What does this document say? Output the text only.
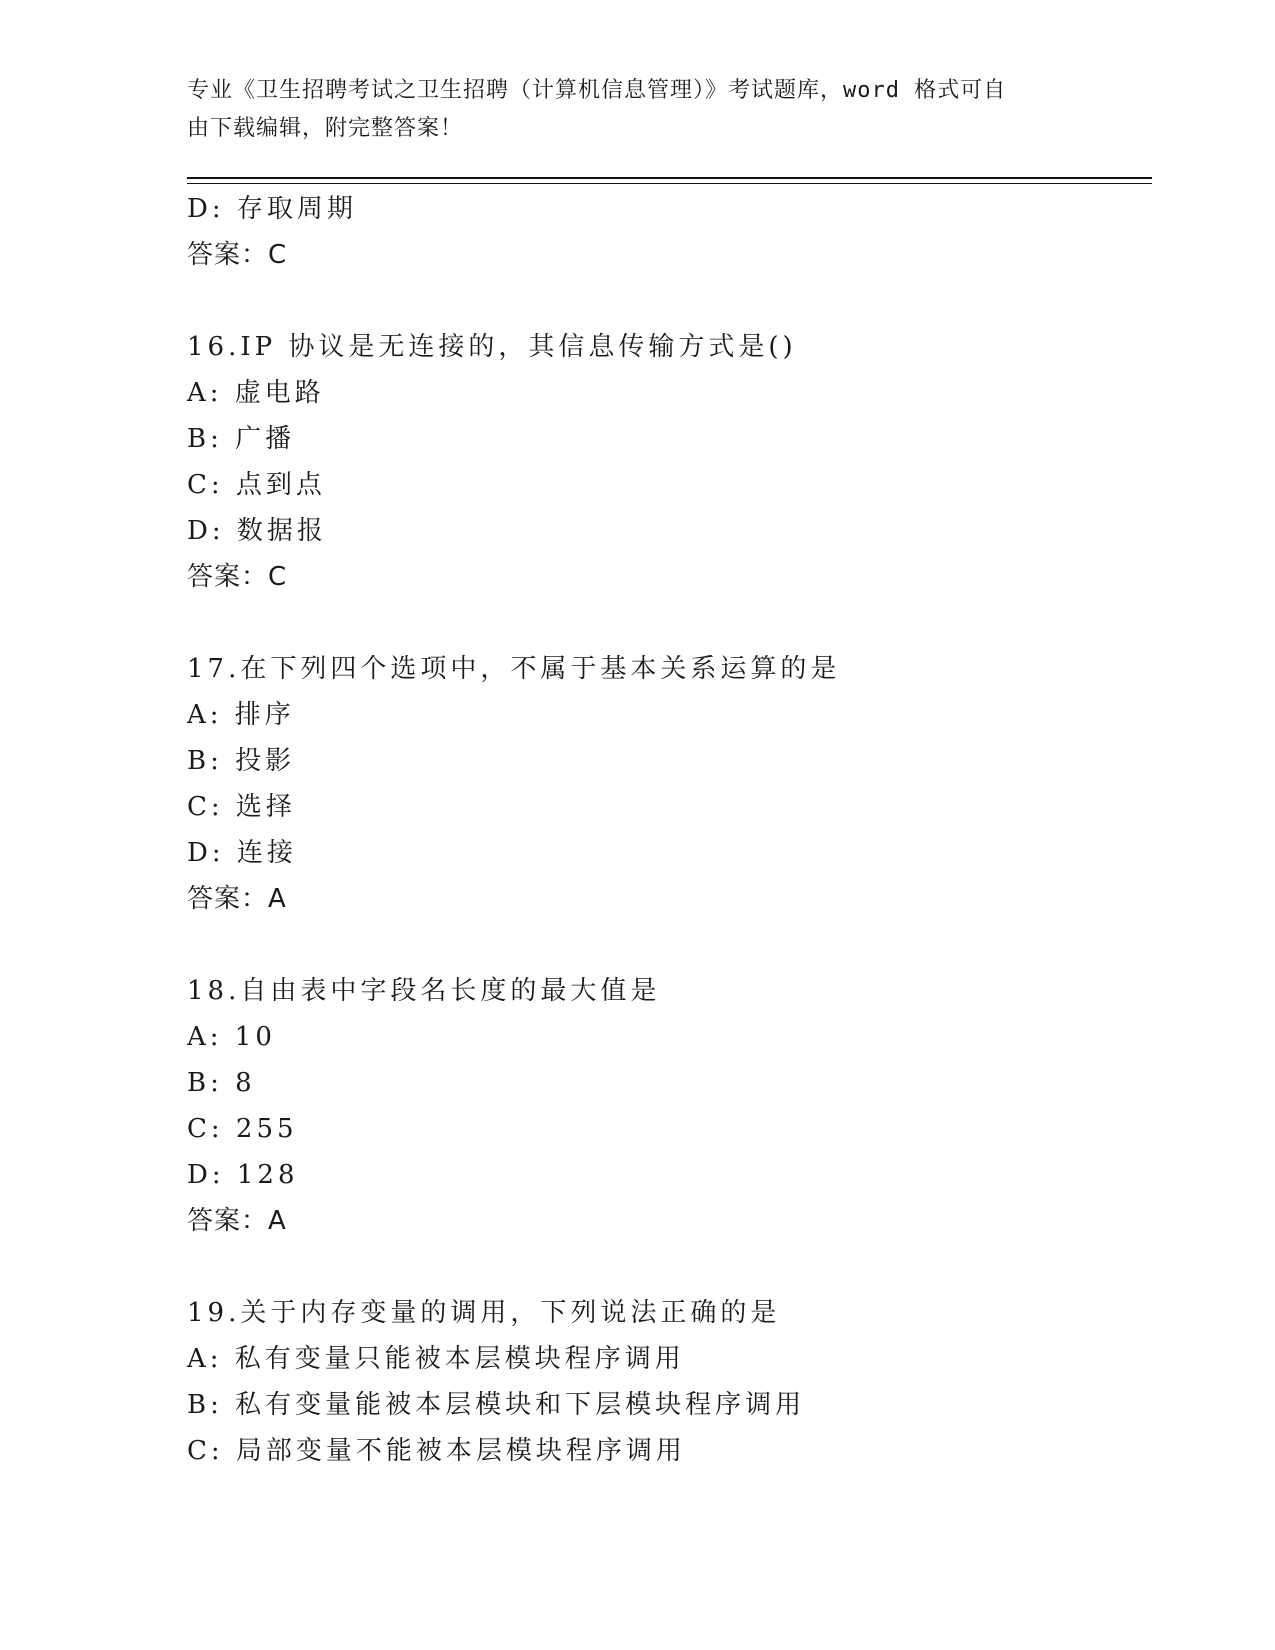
专业《卫生招聘考试之卫生招聘（计算机信息管理）》考试题库，word 格式可自
由下载编辑，附完整答案！
D: 存取周期
答案：C
16.IP 协议是无连接的，其信息传输方式是()
A: 虚电路
B: 广播
C: 点到点
D: 数据报
答案：C
17.在下列四个选项中，不属于基本关系运算的是
A: 排序
B: 投影
C: 选择
D: 连接
答案：A
18.自由表中字段名长度的最大值是
A: 10
B: 8
C: 255
D: 128
答案：A
19.关于内存变量的调用，下列说法正确的是
A: 私有变量只能被本层模块程序调用
B: 私有变量能被本层模块和下层模块程序调用
C: 局部变量不能被本层模块程序调用
